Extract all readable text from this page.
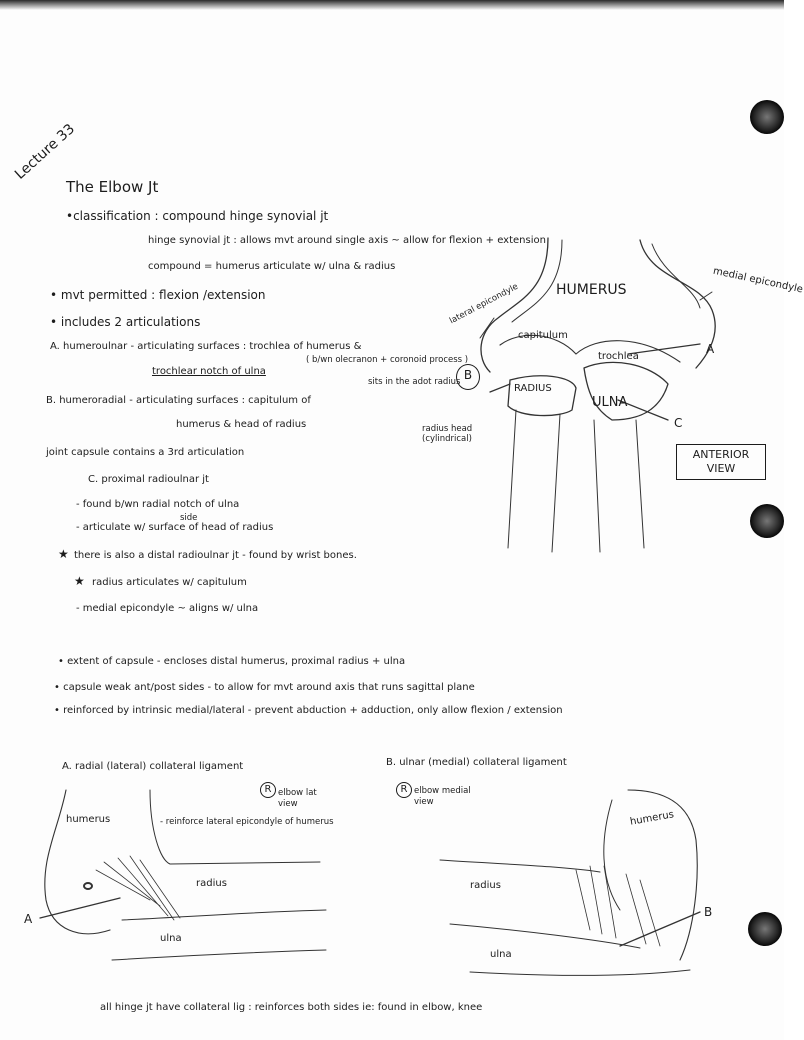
Lecture 33
The Elbow Jt
•classification : compound hinge synovial jt
hinge synovial jt : allows mvt around single axis ~ allow for flexion + extension
compound = humerus articulate w/ ulna & radius
• mvt permitted : flexion /extension
• includes 2 articulations
A. humeroulnar - articulating surfaces : trochlea of humerus &
trochlear notch of ulna
( b/wn olecranon + coronoid process )
sits in the adot radius
B. humeroradial - articulating surfaces : capitulum of
humerus & head of radius
joint capsule contains a 3rd articulation
C. proximal radioulnar jt
- found b/wn radial notch of ulna
side
- articulate w/ surface of head of radius
★ there is also a distal radioulnar jt - found by wrist bones.
★ radius articulates w/ capitulum
- medial epicondyle ~ aligns w/ ulna
• extent of capsule - encloses distal humerus, proximal radius + ulna
• capsule weak ant/post sides - to allow for mvt around axis that runs sagittal plane
• reinforced by intrinsic medial/lateral - prevent abduction + adduction, only allow flexion / extension
HUMERUS
lateral epicondyle
medial epicondyle
capitulum
trochlea
RADIUS
ULNA
radius head (cylindrical)
A
B
C
ANTERIOR VIEW
A. radial (lateral) collateral ligament
R elbow lat view
humerus	- reinforce lateral epicondyle of humerus
radius
ulna
A
B. ulnar (medial) collateral ligament
R elbow medial view
humerus
radius
ulna
B
all hinge jt have collateral lig : reinforces both sides ie: found in elbow, knee
